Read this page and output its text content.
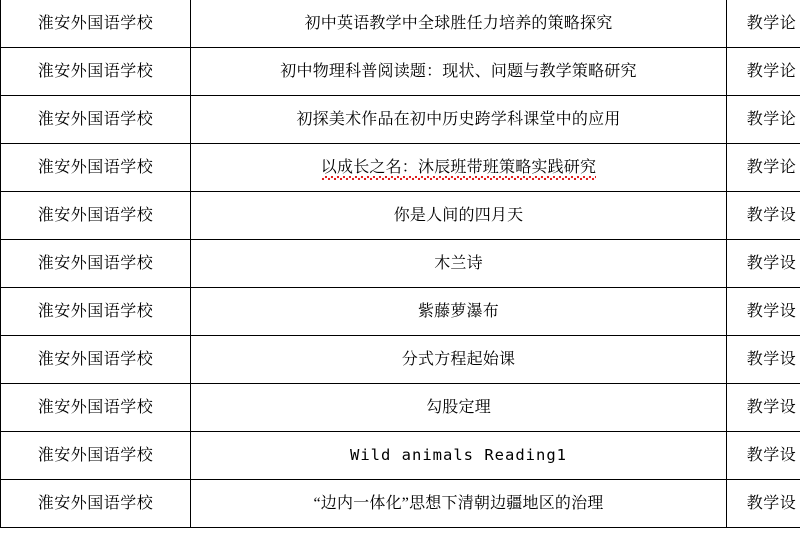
淮安外国语学校	初中英语教学中全球胜任力培养的策略探究	教学论
淮安外国语学校	初中物理科普阅读题：现状、问题与教学策略研究	教学论
淮安外国语学校	初探美术作品在初中历史跨学科课堂中的应用	教学论
淮安外国语学校	以成长之名：沐辰班带班策略实践研究	教学论
淮安外国语学校	你是人间的四月天	教学设
淮安外国语学校	木兰诗	教学设
淮安外国语学校	紫藤萝瀑布	教学设
淮安外国语学校	分式方程起始课	教学设
淮安外国语学校	勾股定理	教学设
淮安外国语学校	Wild animals Reading1	教学设
淮安外国语学校	“边内一体化”思想下清朝边疆地区的治理	教学设
